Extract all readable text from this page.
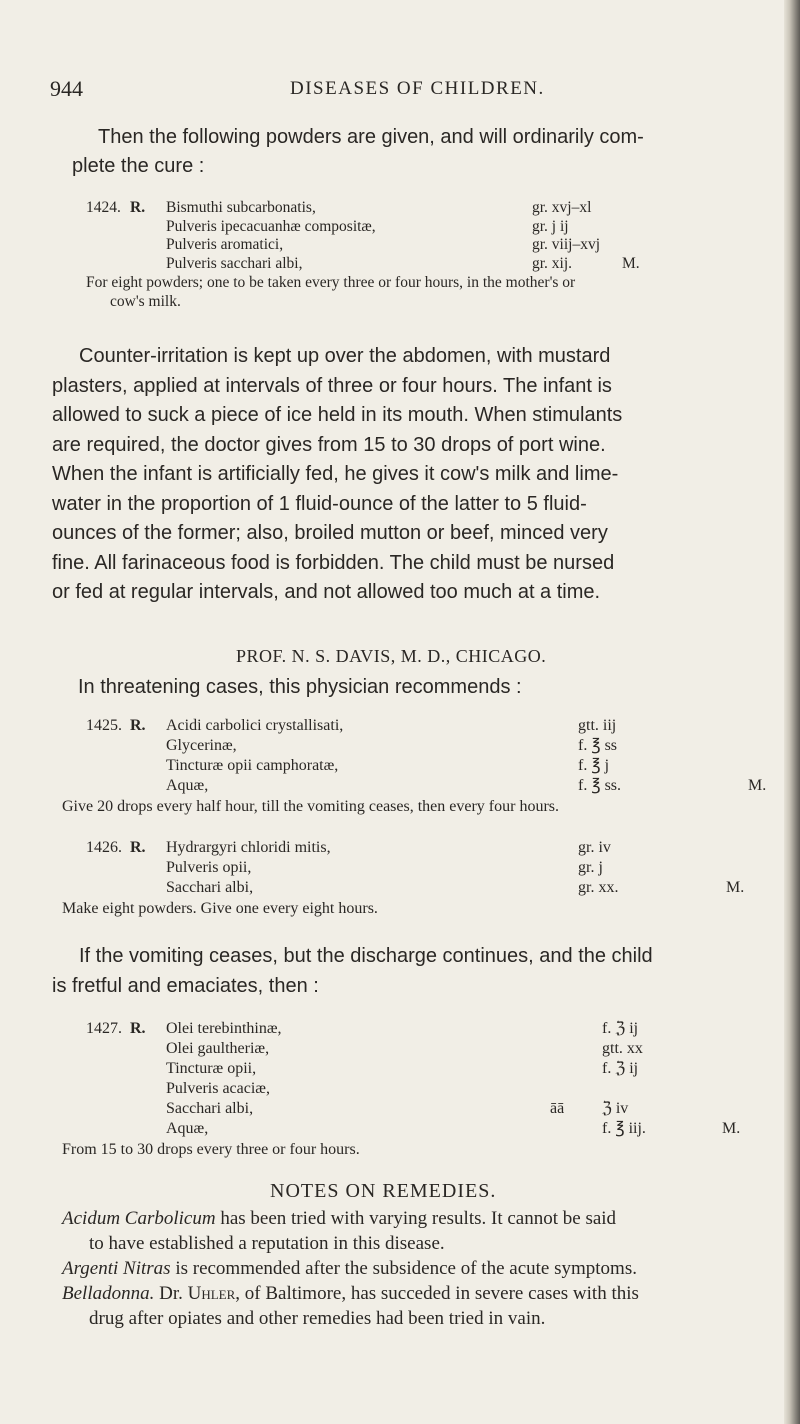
944	DISEASES OF CHILDREN.
Then the following powders are given, and will ordinarily com-
plete the cure :
1424. R. Bismuthi subcarbonatis,	gr. xvj–xl
Pulveris ipecacuanhæ compositæ,	gr. j ij
Pulveris aromatici,	gr. viij–xvj
Pulveris sacchari albi,	gr. xij.	M.
For eight powders; one to be taken every three or four hours, in the mother's or
cow's milk.
Counter-irritation is kept up over the abdomen, with mustard
plasters, applied at intervals of three or four hours. The infant is
allowed to suck a piece of ice held in its mouth. When stimulants
are required, the doctor gives from 15 to 30 drops of port wine.
When the infant is artificially fed, he gives it cow's milk and lime-
water in the proportion of 1 fluid-ounce of the latter to 5 fluid-
ounces of the former; also, broiled mutton or beef, minced very
fine. All farinaceous food is forbidden. The child must be nursed
or fed at regular intervals, and not allowed too much at a time.
PROF. N. S. DAVIS, M. D., CHICAGO.
In threatening cases, this physician recommends :
1425. R. Acidi carbolici crystallisati,	gtt. iij
Glycerinæ,	f. ℥ ss
Tincturæ opii camphoratæ,	f. ℥ j
Aquæ,	f. ℥ ss.	M.
Give 20 drops every half hour, till the vomiting ceases, then every four hours.
1426. R. Hydrargyri chloridi mitis,	gr. iv
Pulveris opii,	gr. j
Sacchari albi,	gr. xx.	M.
Make eight powders. Give one every eight hours.
If the vomiting ceases, but the discharge continues, and the child
is fretful and emaciates, then :
1427. R. Olei terebinthinæ,	f. ℨ ij
Olei gaultheriæ,	gtt. xx
Tincturæ opii,	f. ℨ ij
Pulveris acaciæ,
Sacchari albi,	āā ℨ iv
Aquæ,	f. ℥ iij.	M.
From 15 to 30 drops every three or four hours.
NOTES ON REMEDIES.
Acidum Carbolicum has been tried with varying results. It cannot be said
to have established a reputation in this disease.
Argenti Nitras is recommended after the subsidence of the acute symptoms.
Belladonna. Dr. Uhler, of Baltimore, has succeded in severe cases with this
drug after opiates and other remedies had been tried in vain.
